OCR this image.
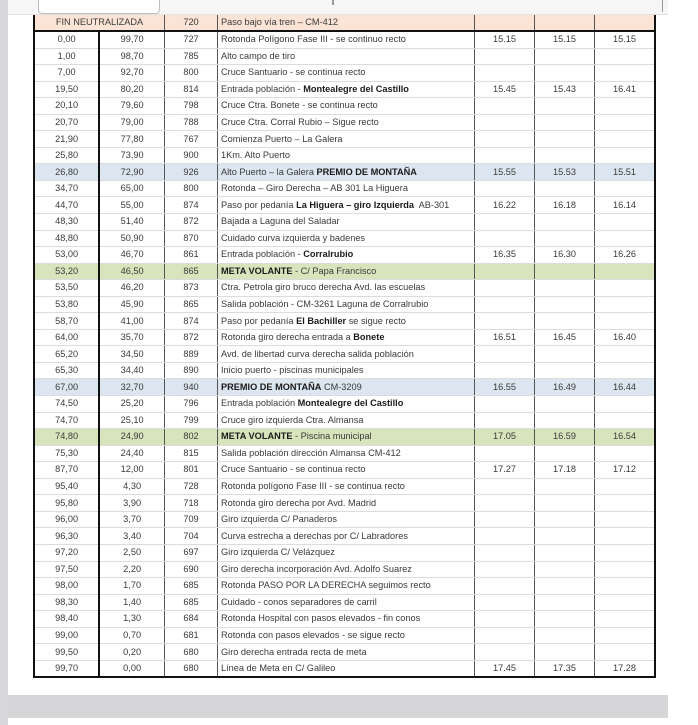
FIN NEUTRALIZADA		720	Paso bajo vía tren – CM-412			
0,00	99,70	727	Rotonda Polígono Fase III - se continuo recto	15.15	15.15	15.15
1,00	98,70	785	Alto campo de tiro			
7,00	92,70	800	Cruce Santuario - se continua recto			
19,50	80,20	814	Entrada población - Montealegre del Castillo	15.45	15.43	16.41
20,10	79,60	798	Cruce Ctra. Bonete - se continua recto			
20,70	79,00	788	Cruce Ctra. Corral Rubio – Sigue recto			
21,90	77,80	767	Comienza Puerto – La Galera			
25,80	73,90	900	1Km. Alto Puerto			
26,80	72,90	926	Alto Puerto – la Galera PREMIO DE MONTAÑA	15.55	15.53	15.51
34,70	65,00	800	Rotonda – Giro Derecha – AB 301 La Higuera			
44,70	55,00	874	Paso por pedanía La Higuera – giro Izquierda  AB-301	16.22	16.18	16.14
48,30	51,40	872	Bajada a Laguna del Saladar			
48,80	50,90	870	Cuidado curva izquierda y badenes			
53,00	46,70	861	Entrada población - Corralrubio	16.35	16.30	16.26
53,20	46,50	865	META VOLANTE - C/ Papa Francisco			
53,50	46,20	873	Ctra. Petrola giro bruco derecha Avd. las escuelas			
53,80	45,90	865	Salida población - CM-3261 Laguna de Corralrubio			
58,70	41,00	874	Paso por pedanía El Bachiller se sigue recto			
64,00	35,70	872	Rotonda giro derecha entrada a Bonete	16.51	16.45	16.40
65,20	34,50	889	Avd. de libertad curva derecha salida población			
65,30	34,40	890	Inicio puerto - piscinas municipales			
67,00	32,70	940	PREMIO DE MONTAÑA CM-3209	16.55	16.49	16.44
74,50	25,20	796	Entrada población Montealegre del Castillo			
74,70	25,10	799	Cruce giro izquierda Ctra. Almansa			
74,80	24,90	802	META VOLANTE - Piscina municipal	17.05	16.59	16.54
75,30	24,40	815	Salida población dirección Almansa CM-412			
87,70	12,00	801	Cruce Santuario - se continua recto	17.27	17.18	17.12
95,40	4,30	728	Rotonda polígono Fase III - se continua recto			
95,80	3,90	718	Rotonda giro derecha por Avd. Madrid			
96,00	3,70	709	Giro izquierda C/ Panaderos			
96,30	3,40	704	Curva estrecha a derechas por C/ Labradores			
97,20	2,50	697	Giro izquierda C/ Velázquez			
97,50	2,20	690	Giro derecha incorporación Avd. Adolfo Suarez			
98,00	1,70	685	Rotonda PASO POR LA DERECHA seguimos recto			
98,30	1,40	685	Cuidado - conos separadores de carril			
98,40	1,30	684	Rotonda Hospital con pasos elevados - fin conos			
99,00	0,70	681	Rotonda con pasos elevados - se sigue recto			
99,50	0,20	680	Giro derecha entrada recta de meta			
99,70	0,00	680	Línea de Meta en C/ Galileo	17.45	17.35	17.28
